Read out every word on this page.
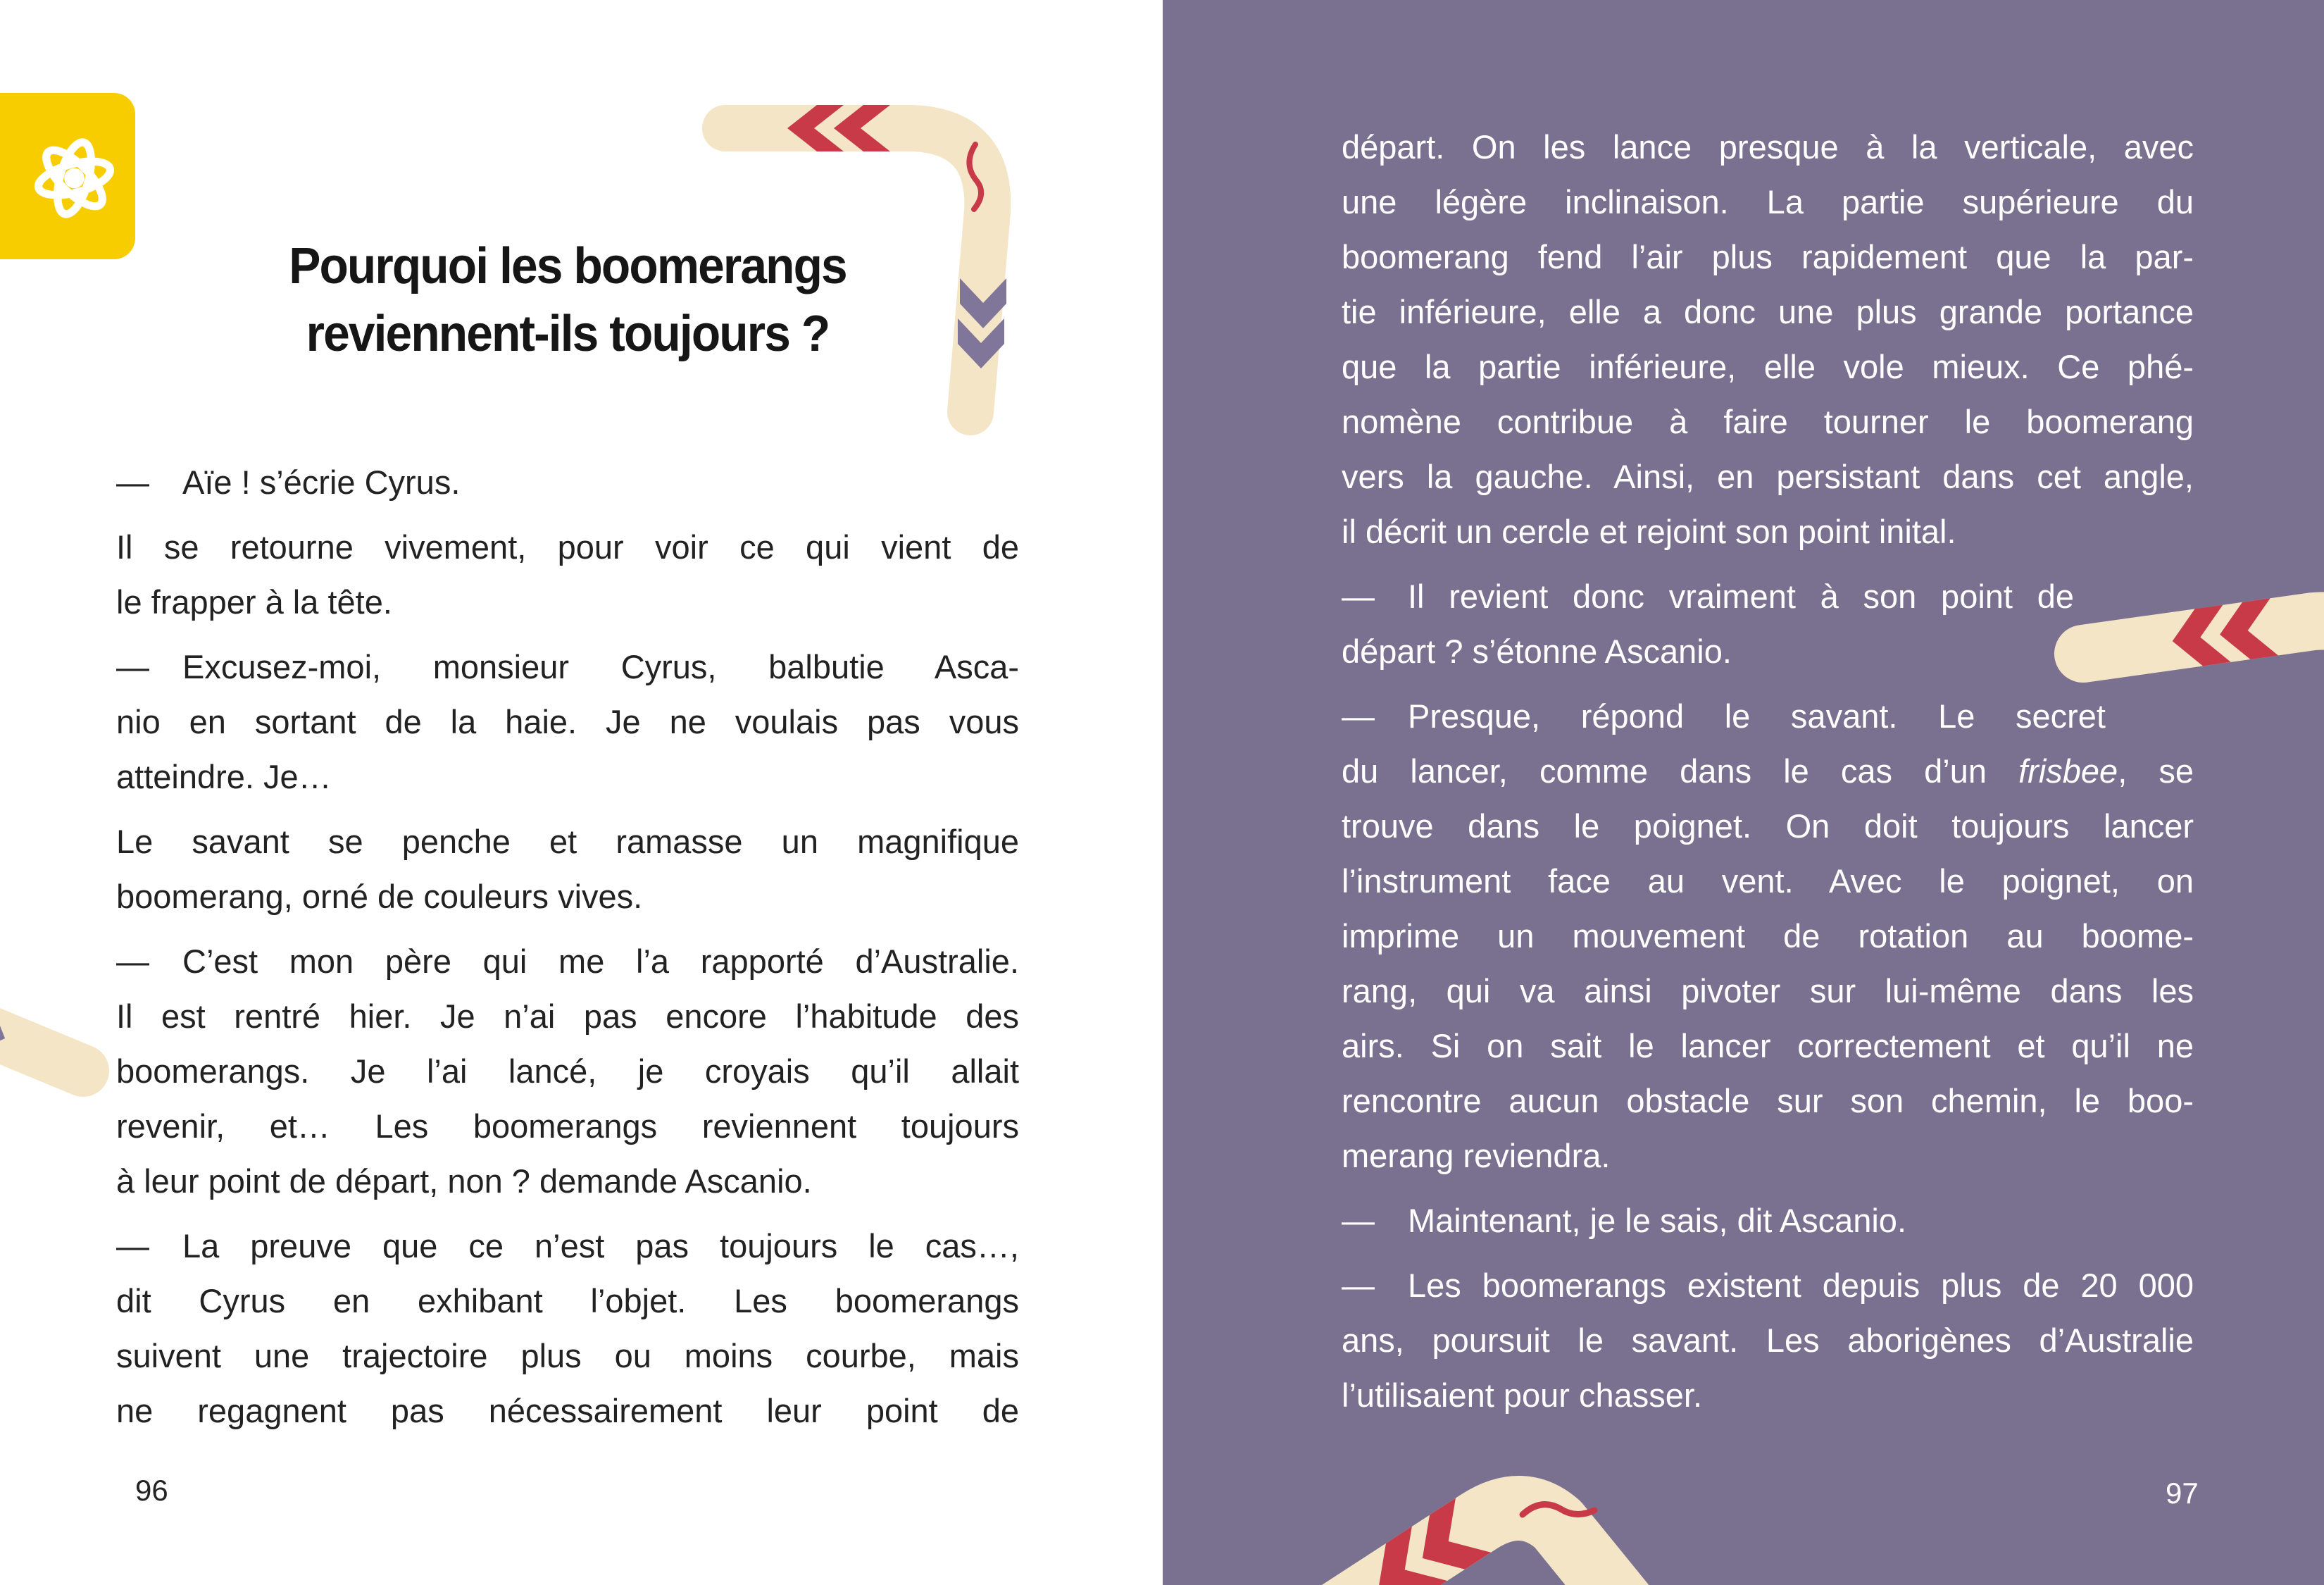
Pourquoi les boomerangs
reviennent-ils toujours ?
— Aïe ! s’écrie Cyrus.
Il se retourne vivement, pour voir ce qui vient de
le frapper à la tête.
— Excusez-moi, monsieur Cyrus, balbutie Asca-
nio en sortant de la haie. Je ne voulais pas vous
atteindre. Je…
Le savant se penche et ramasse un magnifique
boomerang, orné de couleurs vives.
— C’est mon père qui me l’a rapporté d’Australie.
Il est rentré hier. Je n’ai pas encore l’habitude des
boomerangs. Je l’ai lancé, je croyais qu’il allait
revenir, et… Les boomerangs reviennent toujours
à leur point de départ, non ? demande Ascanio.
— La preuve que ce n’est pas toujours le cas…,
dit Cyrus en exhibant l’objet. Les boomerangs
suivent une trajectoire plus ou moins courbe, mais
ne regagnent pas nécessairement leur point de
96
départ. On les lance presque à la verticale, avec
une légère inclinaison. La partie supérieure du
boomerang fend l’air plus rapidement que la par-
tie inférieure, elle a donc une plus grande portance
que la partie inférieure, elle vole mieux. Ce phé-
nomène contribue à faire tourner le boomerang
vers la gauche. Ainsi, en persistant dans cet angle,
il décrit un cercle et rejoint son point inital.
— Il revient donc vraiment à son point de
départ ? s’étonne Ascanio.
— Presque, répond le savant. Le secret
du lancer, comme dans le cas d’un frisbee, se
trouve dans le poignet. On doit toujours lancer
l’instrument face au vent. Avec le poignet, on
imprime un mouvement de rotation au boome-
rang, qui va ainsi pivoter sur lui-même dans les
airs. Si on sait le lancer correctement et qu’il ne
rencontre aucun obstacle sur son chemin, le boo-
merang reviendra.
— Maintenant, je le sais, dit Ascanio.
— Les boomerangs existent depuis plus de 20 000
ans, poursuit le savant. Les aborigènes d’Australie
l’utilisaient pour chasser.
97
